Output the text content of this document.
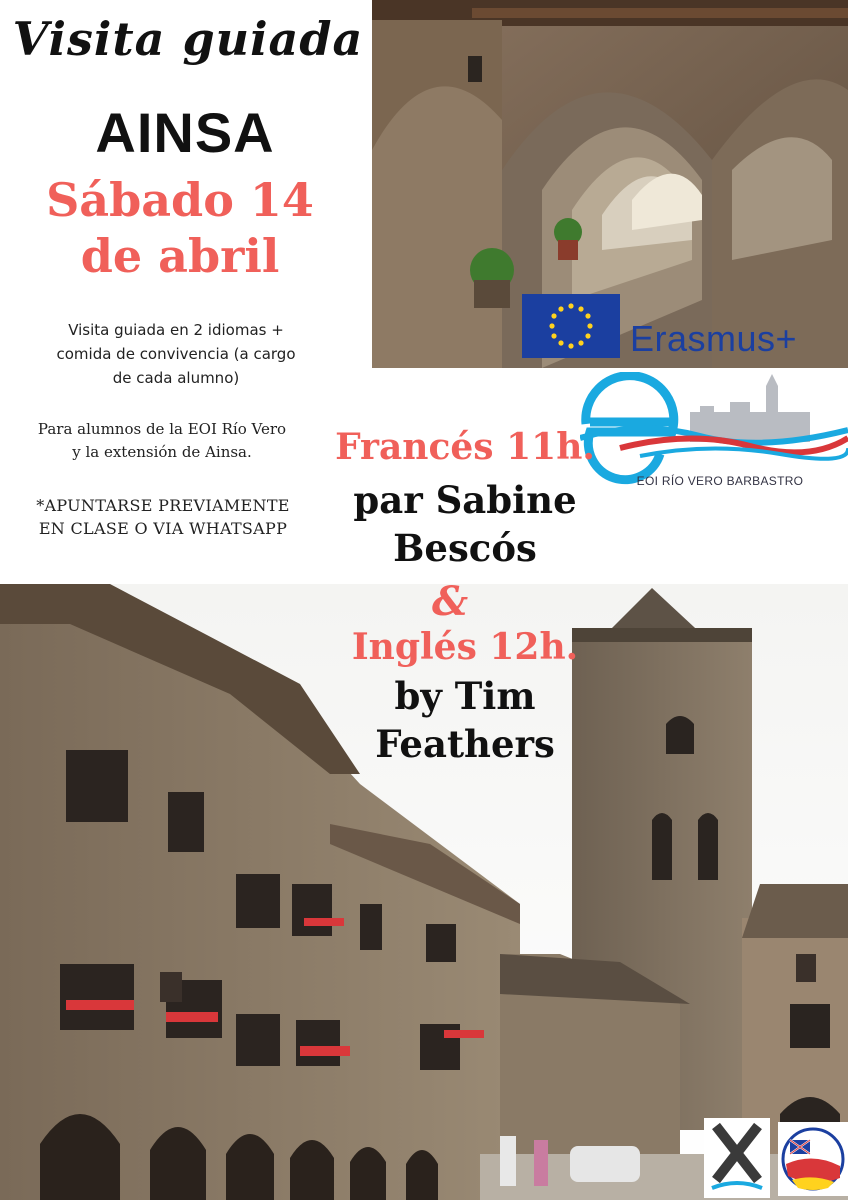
Visita guiada
AINSA
Sábado 14
de abril
Visita guiada en 2 idiomas +
comida de convivencia (a cargo
de cada alumno)
Para alumnos de la EOI Río Vero
y la extensión de Ainsa.
*APUNTARSE PREVIAMENTE
EN CLASE O VIA WHATSAPP
Erasmus+
EOI RÍO VERO BARBASTRO
Francés 11h.
par Sabine
Bescós
&
Inglés 12h.
by Tim
Feathers
